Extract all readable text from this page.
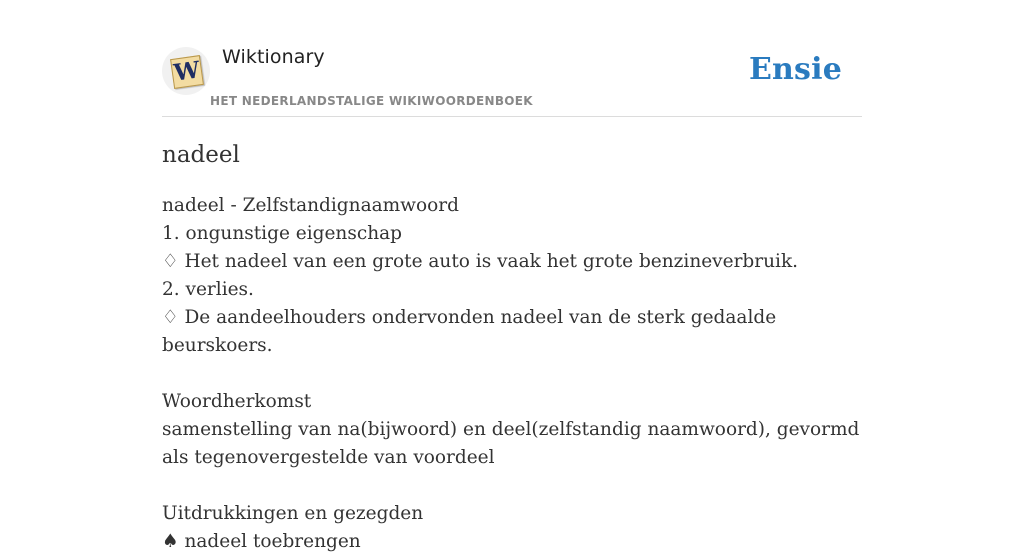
W Wiktionary
HET NEDERLANDSTALIGE WIKIWOORDENBOEK
Ensie
nadeel
nadeel - Zelfstandignaamwoord
1. ongunstige eigenschap
♢ Het nadeel van een grote auto is vaak het grote benzineverbruik.
2. verlies.
♢ De aandeelhouders ondervonden nadeel van de sterk gedaalde beurskoers.
Woordherkomst
samenstelling van na(bijwoord) en deel(zelfstandig naamwoord), gevormd als tegenovergestelde van voordeel
Uitdrukkingen en gezegden
♠ nadeel toebrengen
